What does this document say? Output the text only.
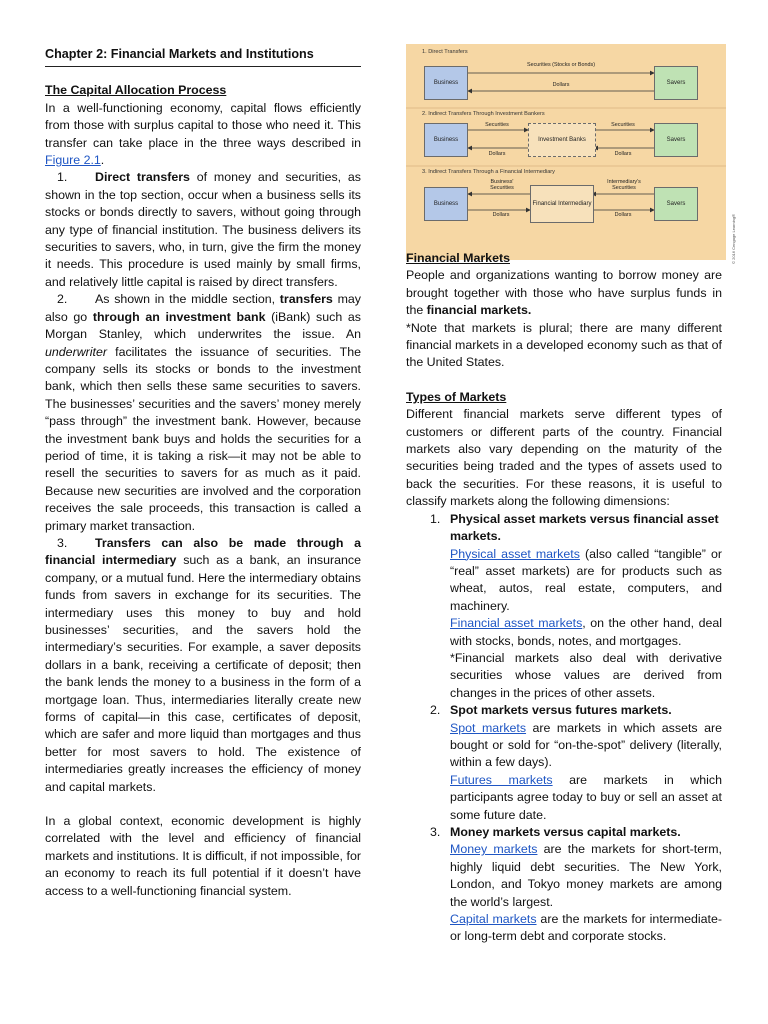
Chapter 2: Financial Markets and Institutions
The Capital Allocation Process

In a well-functioning economy, capital flows efficiently from those with surplus capital to those who need it. This transfer can take place in the three ways described in Figure 2.1.

1. Direct transfers of money and securities, as shown in the top section, occur when a business sells its stocks or bonds directly to savers, without going through any type of financial institution. The business delivers its securities to savers, who, in turn, give the firm the money it needs. This procedure is used mainly by small firms, and relatively little capital is raised by direct transfers.

2. As shown in the middle section, transfers may also go through an investment bank (iBank) such as Morgan Stanley, which underwrites the issue. An underwriter facilitates the issuance of securities. The company sells its stocks or bonds to the investment bank, which then sells these same securities to savers. The businesses’ securities and the savers’ money merely “pass through” the investment bank. However, because the investment bank buys and holds the securities for a period of time, it is taking a risk—it may not be able to resell the securities to savers for as much as it paid. Because new securities are involved and the corporation receives the sale proceeds, this transaction is called a primary market transaction.

3. Transfers can also be made through a financial intermediary such as a bank, an insurance company, or a mutual fund. Here the intermediary obtains funds from savers in exchange for its securities. The intermediary uses this money to buy and hold businesses’ securities, and the savers hold the intermediary’s securities. For example, a saver deposits dollars in a bank, receiving a certificate of deposit; then the bank lends the money to a business in the form of a mortgage loan. Thus, intermediaries literally create new forms of capital—in this case, certificates of deposit, which are safer and more liquid than mortgages and thus better for most savers to hold. The existence of intermediaries greatly increases the efficiency of money and capital markets.

In a global context, economic development is highly correlated with the level and efficiency of financial markets and institutions. It is difficult, if not impossible, for an economy to reach its full potential if it doesn’t have access to a well-functioning financial system.

1. Direct Transfers
Business	Savers
Securities (Stocks or Bonds)
Dollars
2. Indirect Transfers Through Investment Bankers
Business	Investment Banks	Savers
Securities	Securities
Dollars	Dollars
3. Indirect Transfers Through a Financial Intermediary
Business	Financial Intermediary	Savers
Business' Securities
Intermediary's Securities
Dollars	Dollars	© 2016 Cengage Learning®
Financial Markets

People and organizations wanting to borrow money are brought together with those who have surplus funds in the financial markets.

*Note that markets is plural; there are many different financial markets in a developed economy such as that of the United States.

Types of Markets

Different financial markets serve different types of customers or different parts of the country. Financial markets also vary depending on the maturity of the securities being traded and the types of assets used to back the securities. For these reasons, it is useful to classify markets along the following dimensions:

1. Physical asset markets versus financial asset markets.

Physical asset markets (also called “tangible” or “real” asset markets) are for products such as wheat, autos, real estate, computers, and machinery.

Financial asset markets, on the other hand, deal with stocks, bonds, notes, and mortgages.

*Financial markets also deal with derivative securities whose values are derived from changes in the prices of other assets.

2. Spot markets versus futures markets.

Spot markets are markets in which assets are bought or sold for “on-the-spot” delivery (literally, within a few days).

Futures markets are markets in which participants agree today to buy or sell an asset at some future date.

3. Money markets versus capital markets.

Money markets are the markets for short-term, highly liquid debt securities. The New York, London, and Tokyo money markets are among the world’s largest.

Capital markets are the markets for intermediate- or long-term debt and corporate stocks.
